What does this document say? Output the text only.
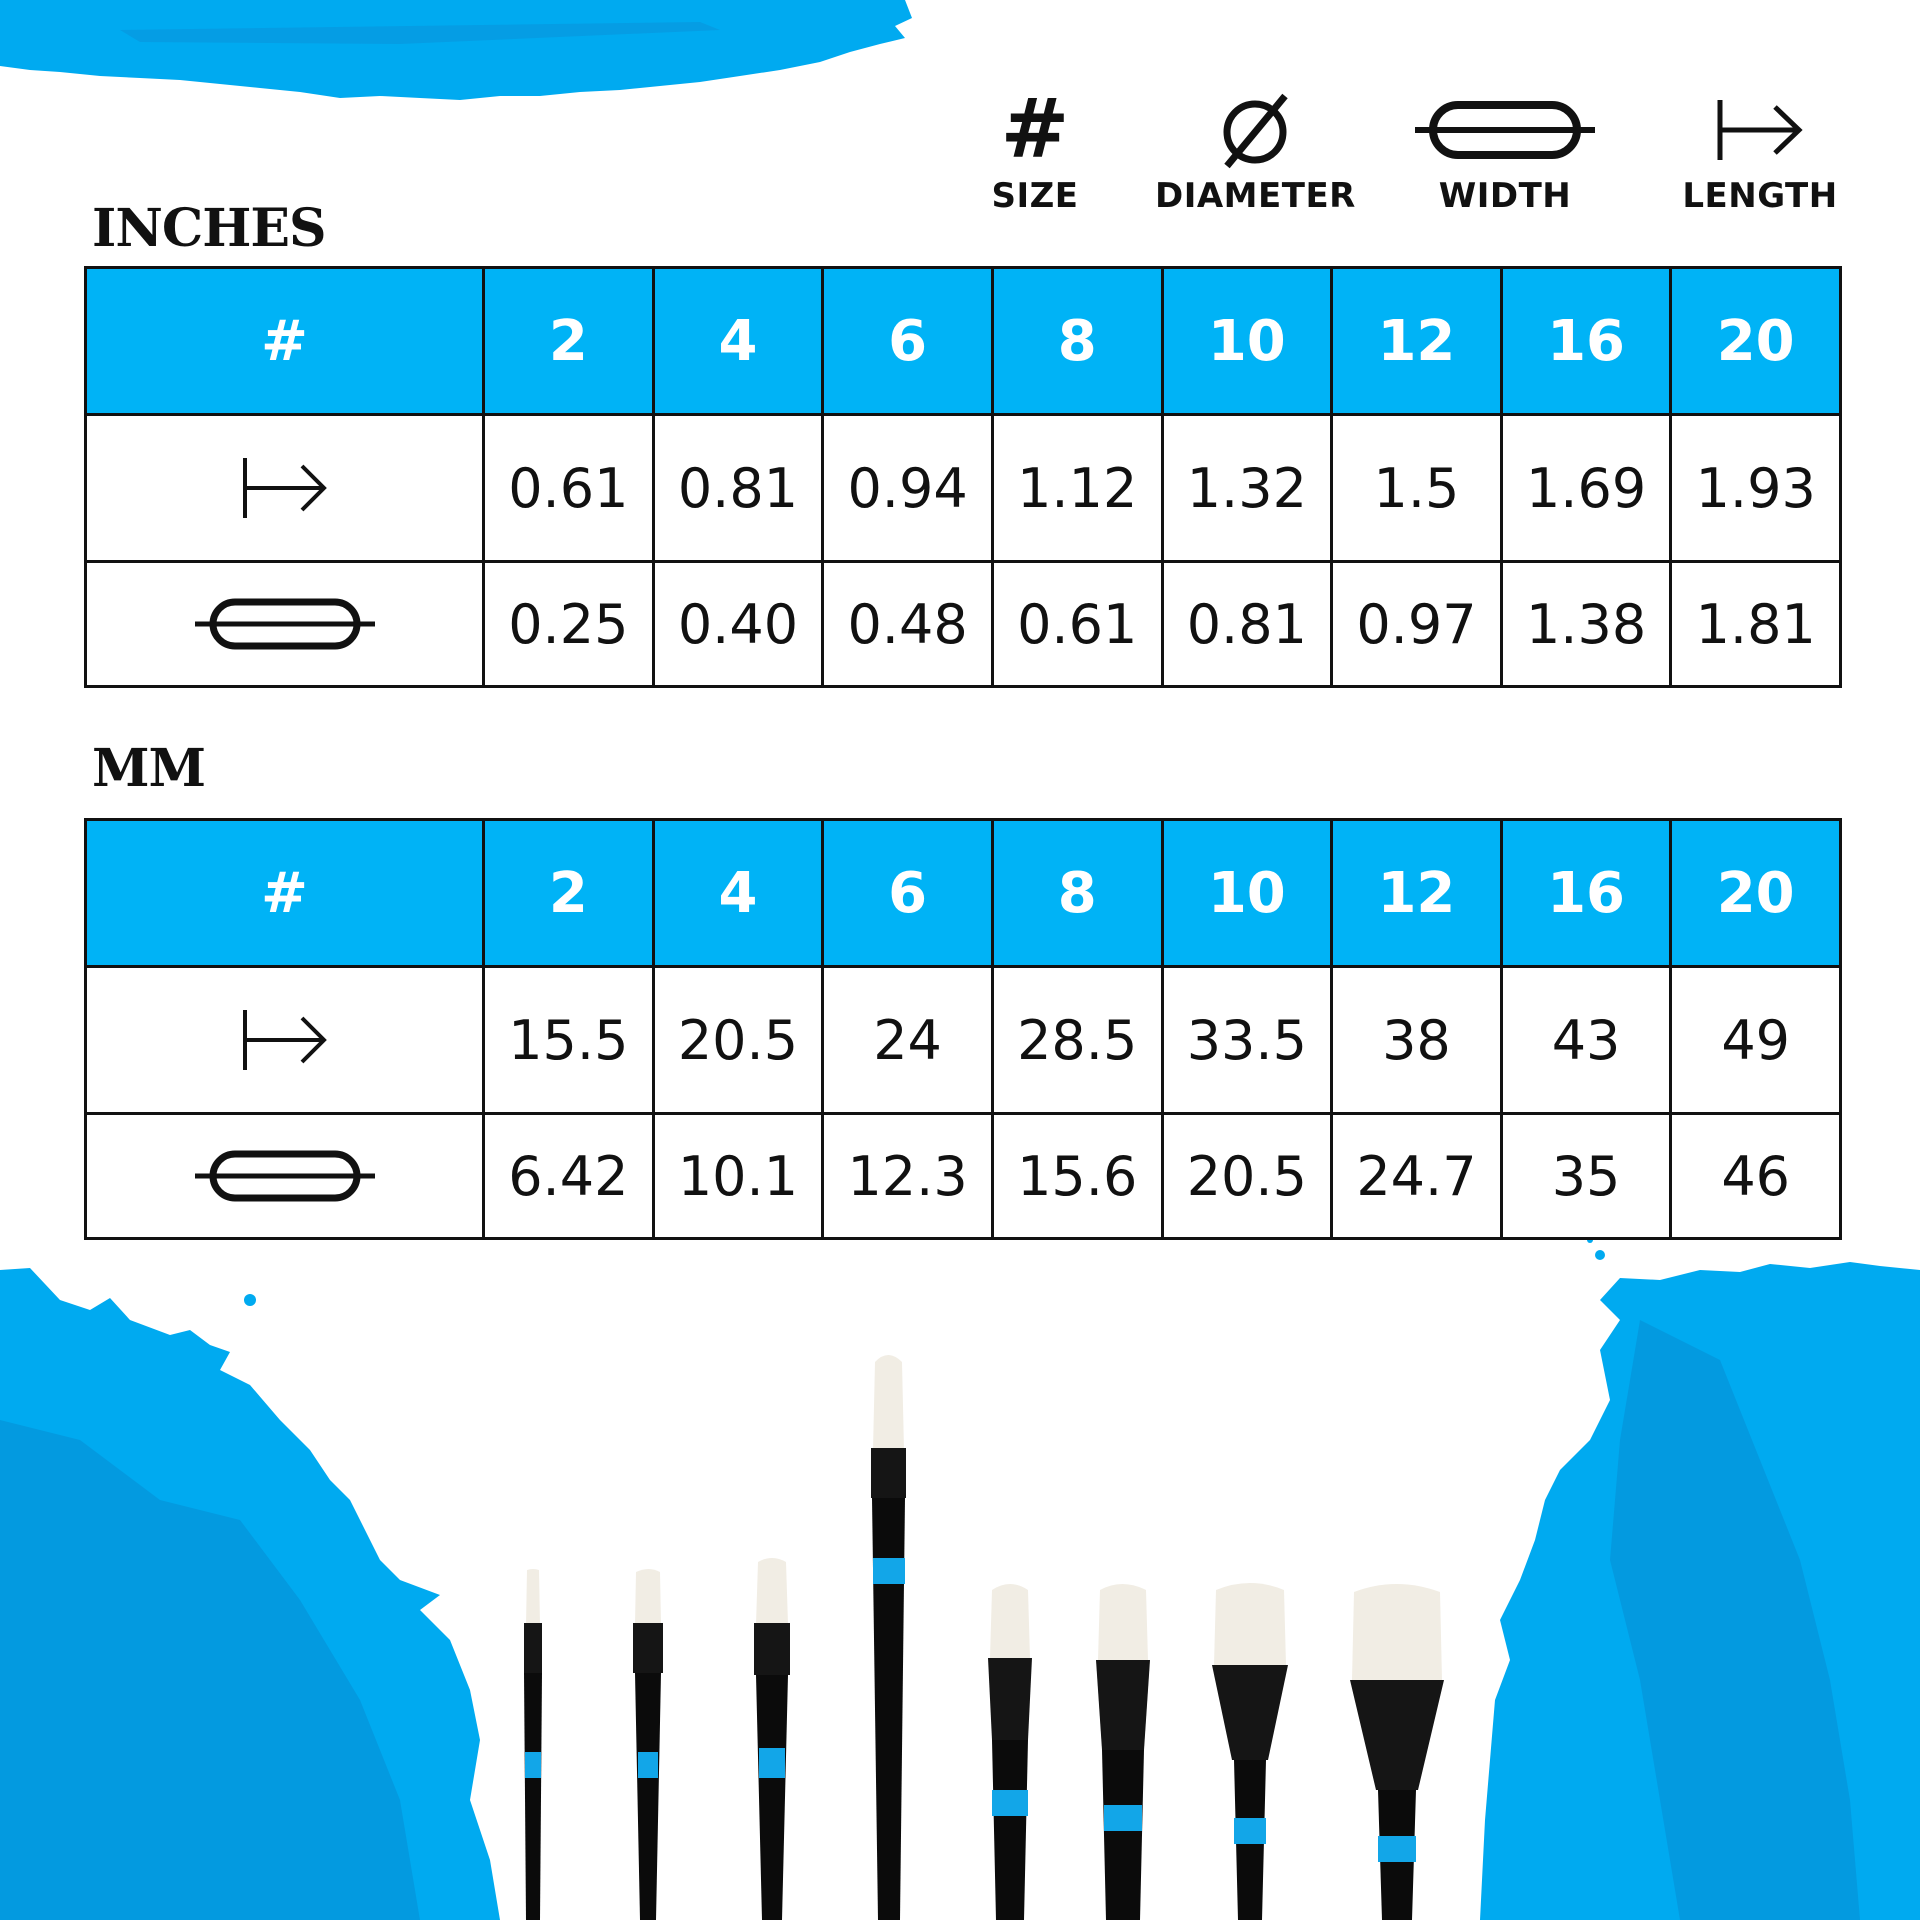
#
SIZE	DIAMETER	WIDTH	LENGTH
INCHES
#	2	4	6	8	10	12	16	20

	0.61	0.81	0.94	1.12	1.32	1.5	1.69	1.93

	0.25	0.40	0.48	0.61	0.81	0.97	1.38	1.81
MM
#	2	4	6	8	10	12	16	20

	15.5	20.5	24	28.5	33.5	38	43	49

	6.42	10.1	12.3	15.6	20.5	24.7	35	46
